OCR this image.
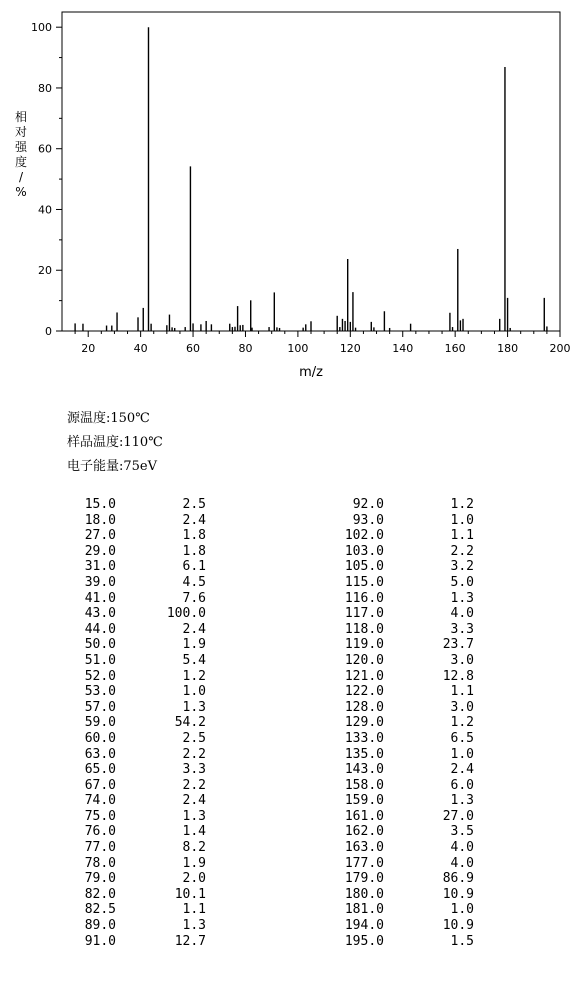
20	40	60	80	100	120	140	160	180	200
0
20
40
60
80
100
m/z
相
对
强
度
/
%
源温度:150℃
样品温度:110℃
电子能量:75eV
15.0	2.5
18.0	2.4
27.0	1.8
29.0	1.8
31.0	6.1
39.0	4.5
41.0	7.6
43.0	100.0
44.0	2.4
50.0	1.9
51.0	5.4
52.0	1.2
53.0	1.0
57.0	1.3
59.0	54.2
60.0	2.5
63.0	2.2
65.0	3.3
67.0	2.2
74.0	2.4
75.0	1.3
76.0	1.4
77.0	8.2
78.0	1.9
79.0	2.0
82.0	10.1
82.5	1.1
89.0	1.3
91.0	12.7
92.0	1.2
93.0	1.0
102.0	1.1
103.0	2.2
105.0	3.2
115.0	5.0
116.0	1.3
117.0	4.0
118.0	3.3
119.0	23.7
120.0	3.0
121.0	12.8
122.0	1.1
128.0	3.0
129.0	1.2
133.0	6.5
135.0	1.0
143.0	2.4
158.0	6.0
159.0	1.3
161.0	27.0
162.0	3.5
163.0	4.0
177.0	4.0
179.0	86.9
180.0	10.9
181.0	1.0
194.0	10.9
195.0	1.5
